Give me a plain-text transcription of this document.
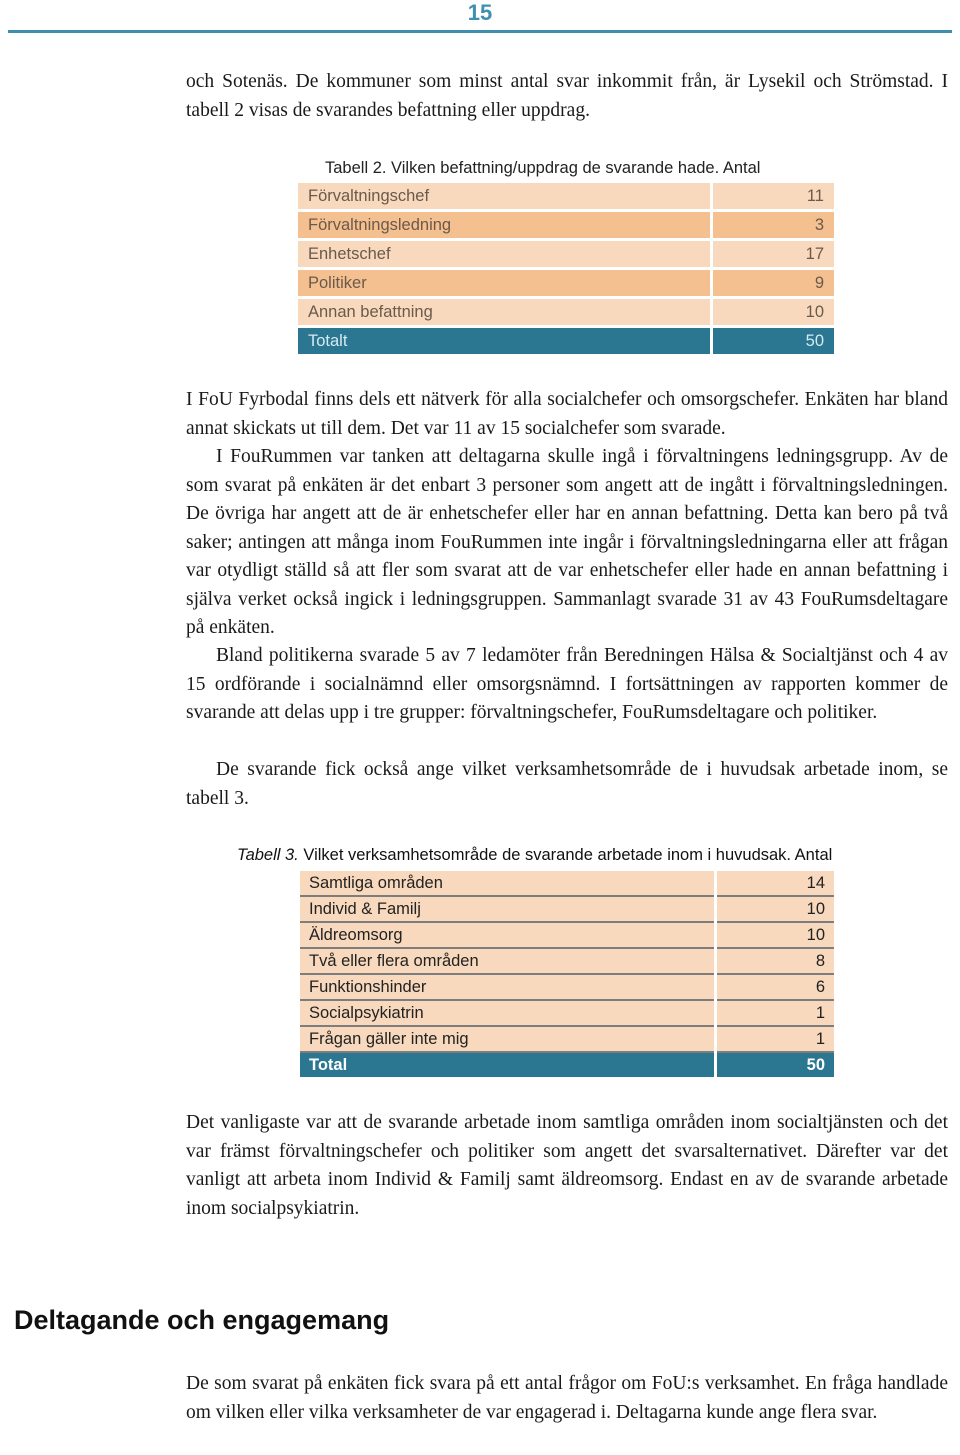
15

och Sotenäs. De kommuner som minst antal svar inkommit från, är Lysekil och Strömstad. I tabell 2 visas de svarandes befattning eller uppdrag.

Tabell 2. Vilken befattning/uppdrag de svarande hade. Antal
Förvaltningschef	11
Förvaltningsledning	3
Enhetschef	17
Politiker	9
Annan befattning	10
Totalt	50

I FoU Fyrbodal finns dels ett nätverk för alla socialchefer och omsorgschefer. Enkäten har bland annat skickats ut till dem. Det var 11 av 15 socialchefer som svarade.

I FouRummen var tanken att deltagarna skulle ingå i förvaltningens ledningsgrupp. Av de som svarat på enkäten är det enbart 3 personer som angett att de ingått i förvaltningsledningen. De övriga har angett att de är enhetschefer eller har en annan befattning. Detta kan bero på två saker; antingen att många inom FouRummen inte ingår i förvaltningsledningarna eller att frågan var otydligt ställd så att fler som svarat att de var enhetschefer eller hade en annan befattning i själva verket också ingick i ledningsgruppen. Sammanlagt svarade 31 av 43 FouRumsdeltagare på enkäten.

Bland politikerna svarade 5 av 7 ledamöter från Beredningen Hälsa & Socialtjänst och 4 av 15 ordförande i socialnämnd eller omsorgsnämnd. I fortsättningen av rapporten kommer de svarande att delas upp i tre grupper: förvaltningschefer, FouRumsdeltagare och politiker.

De svarande fick också ange vilket verksamhetsområde de i huvudsak arbetade inom, se tabell 3.

Tabell 3. Vilket verksamhetsområde de svarande arbetade inom i huvudsak. Antal
Samtliga områden	14
Individ & Familj	10
Äldreomsorg	10
Två eller flera områden	8
Funktionshinder	6
Socialpsykiatrin	1
Frågan gäller inte mig	1
Total	50

Det vanligaste var att de svarande arbetade inom samtliga områden inom socialtjänsten och det var främst förvaltningschefer och politiker som angett det svarsalternativet. Därefter var det vanligt att arbeta inom Individ & Familj samt äldreomsorg. Endast en av de svarande arbetade inom socialpsykiatrin.

Deltagande och engagemang

De som svarat på enkäten fick svara på ett antal frågor om FoU:s verksamhet. En fråga handlade om vilken eller vilka verksamheter de var engagerad i. Deltagarna kunde ange flera svar.
